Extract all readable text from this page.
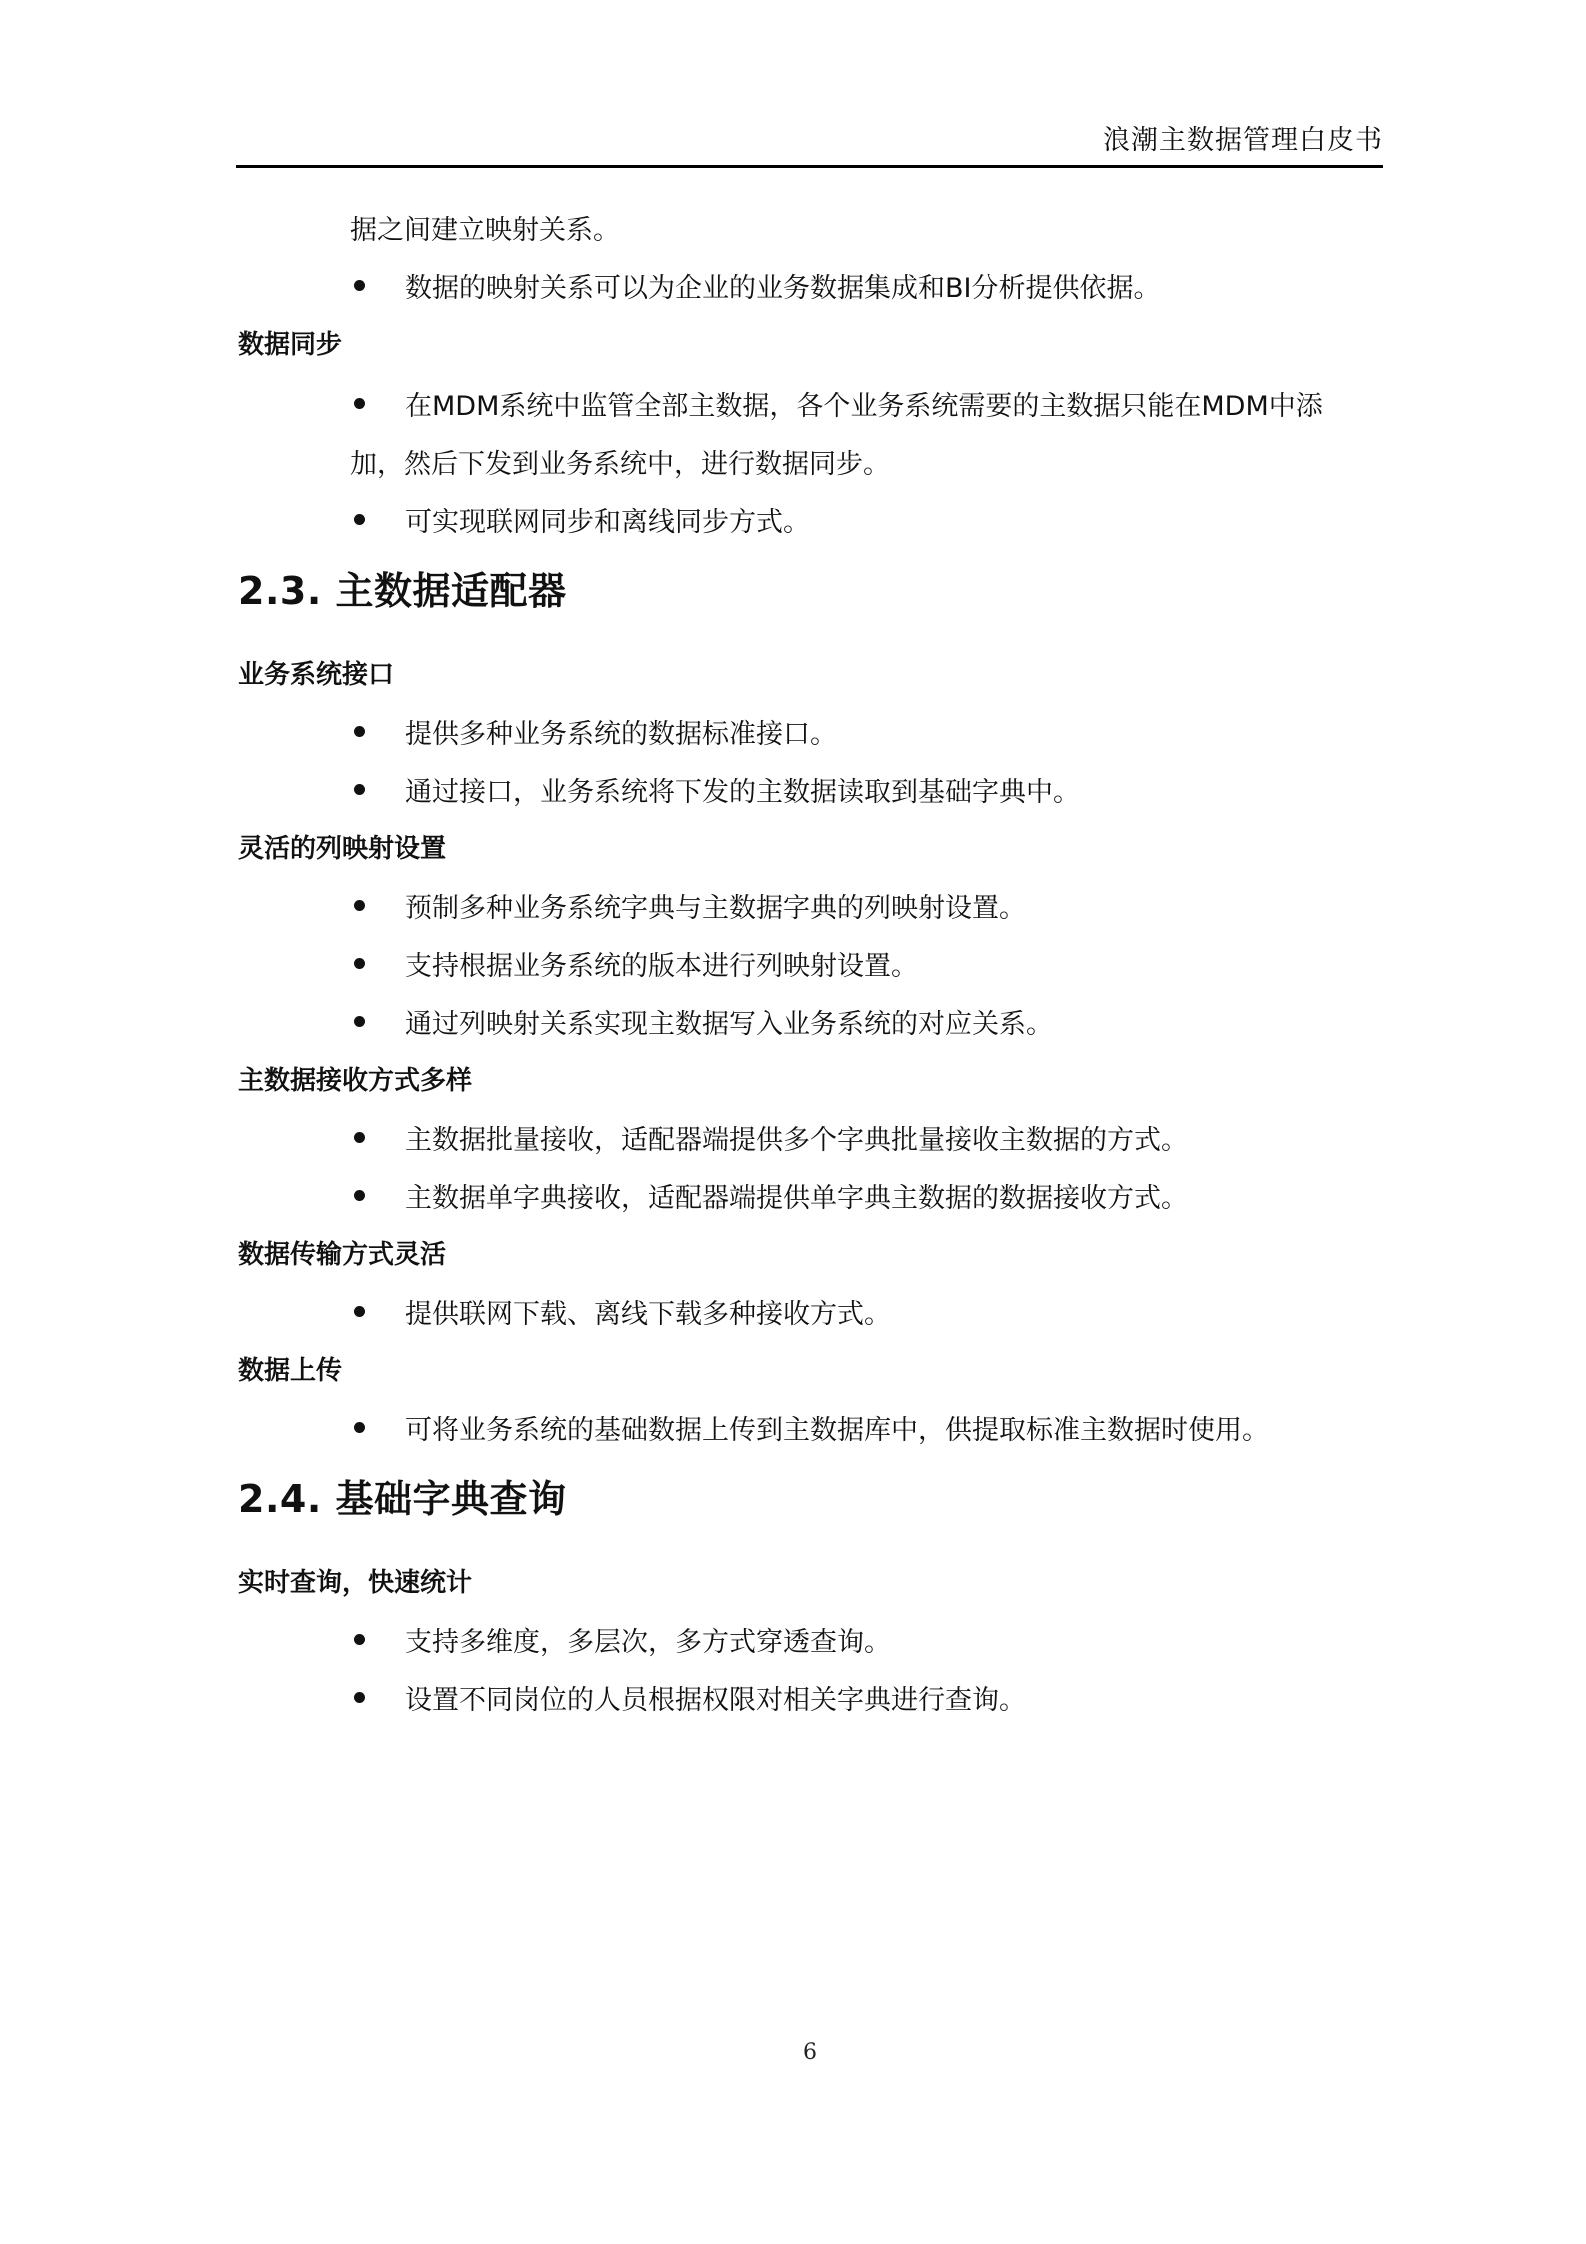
浪潮主数据管理白皮书
据之间建立映射关系。
数据的映射关系可以为企业的业务数据集成和BI分析提供依据。
数据同步
在MDM系统中监管全部主数据，各个业务系统需要的主数据只能在MDM中添
加，然后下发到业务系统中，进行数据同步。
可实现联网同步和离线同步方式。
2.3. 主数据适配器
业务系统接口
提供多种业务系统的数据标准接口。
通过接口，业务系统将下发的主数据读取到基础字典中。
灵活的列映射设置
预制多种业务系统字典与主数据字典的列映射设置。
支持根据业务系统的版本进行列映射设置。
通过列映射关系实现主数据写入业务系统的对应关系。
主数据接收方式多样
主数据批量接收，适配器端提供多个字典批量接收主数据的方式。
主数据单字典接收，适配器端提供单字典主数据的数据接收方式。
数据传输方式灵活
提供联网下载、离线下载多种接收方式。
数据上传
可将业务系统的基础数据上传到主数据库中，供提取标准主数据时使用。
2.4. 基础字典查询
实时查询，快速统计
支持多维度，多层次，多方式穿透查询。
设置不同岗位的人员根据权限对相关字典进行查询。
6
